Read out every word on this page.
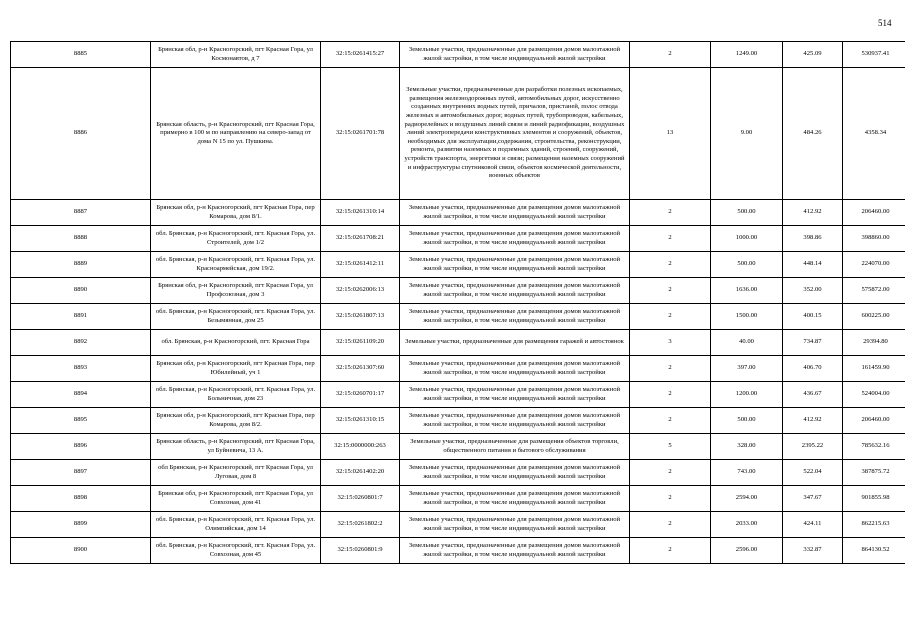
514
8885	Брянская обл, р-н Красногорский, пгт Красная Гора, ул Космонавтов, д 7	32:15:0261415:27	Земельные участки, предназначенные для размещения домов малоэтажной жилой застройки, в том числе индивидуальной жилой застройки	2	1249.00	425.09	530937.41
8886	Брянская область, р-н Красногорский, пгт Красная Гора, примерно в 100 м по направлению на северо-запад от дома N 15 по ул. Пушкина.	32:15:0261701:78	Земельные участки, предназначенные для разработки полезных ископаемых, размещения железнодорожных путей, автомобильных дорог, искусственно созданных внутренних водных путей, причалов, пристаней, полос отвода железных и автомобильных дорог, водных путей, трубопроводов, кабельных, радиорелейных и воздушных линий связи и линий радиофикации, воздушных линий электропередачи конструктивных элементов и сооружений, объектов, необходимых для эксплуатации,содержания, строительства, реконструкции, ремонта, развития наземных и подземных зданий, строений, сооружений, устройств транспорта, энергетики и связи; размещения наземных сооружений и инфраструктуры спутниковой связи, объектов космической деятельности, военных объектов	13	9.00	484.26	4358.34
8887	Брянская обл, р-н Красногорский, пгт Красная Гора, пер Комарова, дом 8/1.	32:15:0261310:14	Земельные участки, предназначенные для размещения домов малоэтажной жилой застройки, в том числе индивидуальной жилой застройки	2	500.00	412.92	206460.00
8888	обл. Брянская, р-н Красногорский, пгт. Красная Гора, ул. Строителей, дом 1/2	32:15:0261708:21	Земельные участки, предназначенные для размещения домов малоэтажной жилой застройки, в том числе индивидуальной жилой застройки	2	1000.00	398.86	398860.00
8889	обл. Брянская, р-н Красногорский, пгт. Красная Гора, ул. Красноармейская, дом 19/2.	32:15:0261412:11	Земельные участки, предназначенные для размещения домов малоэтажной жилой застройки, в том числе индивидуальной жилой застройки	2	500.00	448.14	224070.00
8890	Брянская обл, р-н Красногорский, пгт Красная Гора, ул Профсоюзная, дом 3	32:15:0262006:13	Земельные участки, предназначенные для размещения домов малоэтажной жилой застройки, в том числе индивидуальной жилой застройки	2	1636.00	352.00	575872.00
8891	обл. Брянская, р-н Красногорский, пгт. Красная Гора, ул. Безымянная, дом 25	32:15:0261807:13	Земельные участки, предназначенные для размещения домов малоэтажной жилой застройки, в том числе индивидуальной жилой застройки	2	1500.00	400.15	600225.00
8892	обл. Брянская, р-н Красногорский, пгт. Красная Гора	32:15:0261109:20	Земельные участки, предназначенные для размещения гаражей и автостоянок	3	40.00	734.87	29394.80
8893	Брянская обл, р-н Красногорский, пгт Красная Гора, пер Юбилейный, уч 1	32:15:0261307:60	Земельные участки, предназначенные для размещения домов малоэтажной жилой застройки, в том числе индивидуальной жилой застройки	2	397.00	406.70	161459.90
8894	обл. Брянская, р-н Красногорский, пгт. Красная Гора, ул. Больничная, дом 23	32:15:0260701:17	Земельные участки, предназначенные для размещения домов малоэтажной жилой застройки, в том числе индивидуальной жилой застройки	2	1200.00	436.67	524004.00
8895	Брянская обл, р-н Красногорский, пгт Красная Гора, пер Комарова, дом 8/2.	32:15:0261310:15	Земельные участки, предназначенные для размещения домов малоэтажной жилой застройки, в том числе индивидуальной жилой застройки	2	500.00	412.92	206460.00
8896	Брянская область, р-н Красногорский, пгт Красная Гора, ул Буйневича, 13 А.	32:15:0000000:263	Земельные участки, предназначенные для размещения объектов торговли, общественного питания и бытового обслуживания	5	328.00	2395.22	785632.16
8897	обл Брянская, р-н Красногорский, пгт Красная Гора, ул Луговая, дом 8	32:15:0261402:20	Земельные участки, предназначенные для размещения домов малоэтажной жилой застройки, в том числе индивидуальной жилой застройки	2	743.00	522.04	387875.72
8898	Брянская обл, р-н Красногорский, пгт Красная Гора, ул Совхозная, дом 41	32:15:0260801:7	Земельные участки, предназначенные для размещения домов малоэтажной жилой застройки, в том числе индивидуальной жилой застройки	2	2594.00	347.67	901855.98
8899	обл. Брянская, р-н Красногорский, пгт. Красная Гора, ул. Олимпийская, дом 14	32:15:0261802:2	Земельные участки, предназначенные для размещения домов малоэтажной жилой застройки, в том числе индивидуальной жилой застройки	2	2033.00	424.11	862215.63
8900	обл. Брянская, р-н Красногорский, пгт. Красная Гора, ул. Совхозная, дом 45	32:15:0260801:9	Земельные участки, предназначенные для размещения домов малоэтажной жилой застройки, в том числе индивидуальной жилой застройки	2	2596.00	332.87	864130.52
